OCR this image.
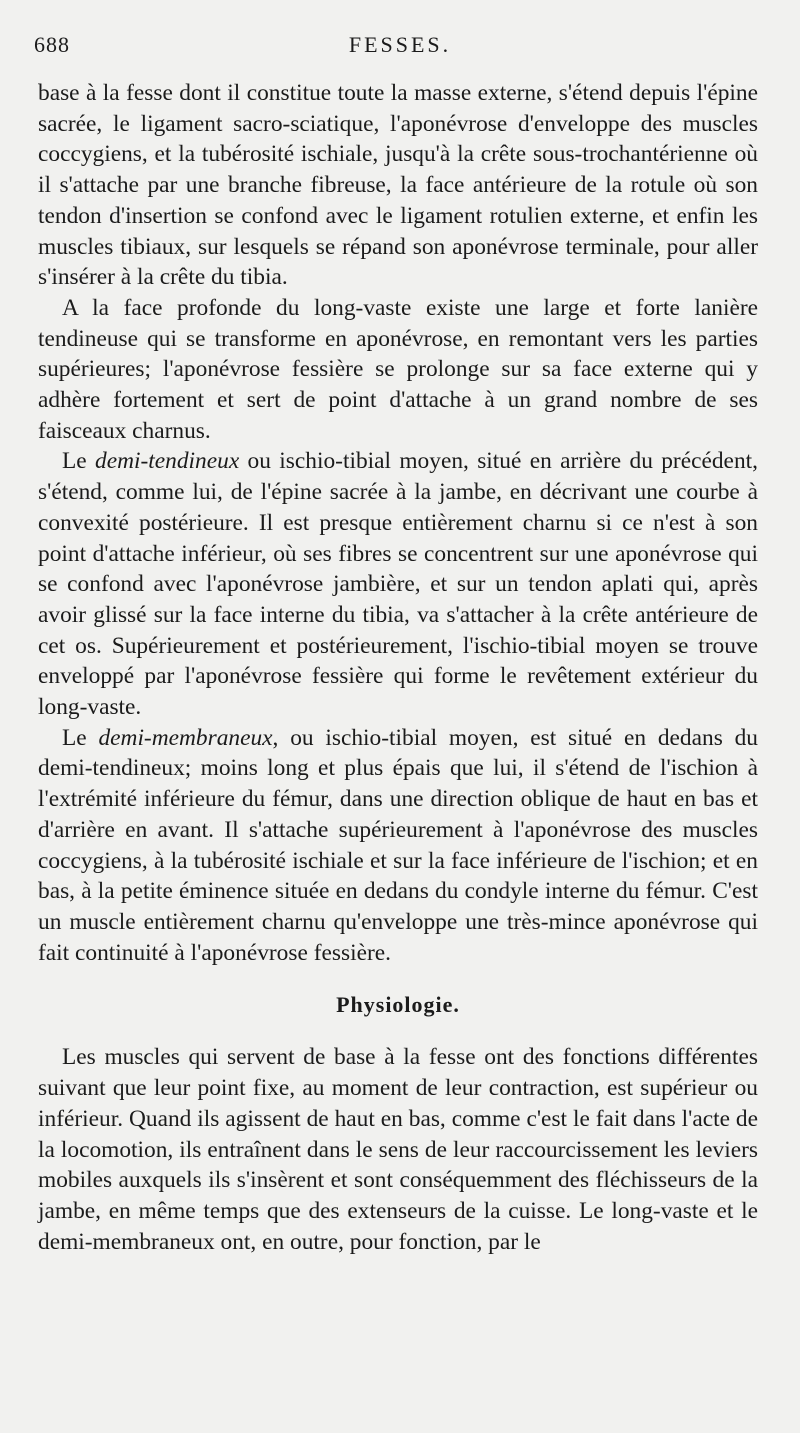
688	FESSES.

base à la fesse dont il constitue toute la masse externe, s'étend depuis l'épine sacrée, le ligament sacro-sciatique, l'aponévrose d'enveloppe des muscles coccygiens, et la tubérosité ischiale, jusqu'à la crête sous-trochantérienne où il s'attache par une branche fibreuse, la face antérieure de la rotule où son tendon d'insertion se confond avec le ligament rotulien externe, et enfin les muscles tibiaux, sur lesquels se répand son aponévrose terminale, pour aller s'insérer à la crête du tibia.

A la face profonde du long-vaste existe une large et forte lanière tendineuse qui se transforme en aponévrose, en remontant vers les parties supérieures; l'aponévrose fessière se prolonge sur sa face externe qui y adhère fortement et sert de point d'attache à un grand nombre de ses faisceaux charnus.

Le demi-tendineux ou ischio-tibial moyen, situé en arrière du précédent, s'étend, comme lui, de l'épine sacrée à la jambe, en décrivant une courbe à convexité postérieure. Il est presque entièrement charnu si ce n'est à son point d'attache inférieur, où ses fibres se concentrent sur une aponévrose qui se confond avec l'aponévrose jambière, et sur un tendon aplati qui, après avoir glissé sur la face interne du tibia, va s'attacher à la crête antérieure de cet os. Supérieurement et postérieurement, l'ischio-tibial moyen se trouve enveloppé par l'aponévrose fessière qui forme le revêtement extérieur du long-vaste.

Le demi-membraneux, ou ischio-tibial moyen, est situé en dedans du demi-tendineux; moins long et plus épais que lui, il s'étend de l'ischion à l'extrémité inférieure du fémur, dans une direction oblique de haut en bas et d'arrière en avant. Il s'attache supérieurement à l'aponévrose des muscles coccygiens, à la tubérosité ischiale et sur la face inférieure de l'ischion; et en bas, à la petite éminence située en dedans du condyle interne du fémur. C'est un muscle entièrement charnu qu'enveloppe une très-mince aponévrose qui fait continuité à l'aponévrose fessière.

Physiologie.

Les muscles qui servent de base à la fesse ont des fonctions différentes suivant que leur point fixe, au moment de leur contraction, est supérieur ou inférieur. Quand ils agissent de haut en bas, comme c'est le fait dans l'acte de la locomotion, ils entraînent dans le sens de leur raccourcissement les leviers mobiles auxquels ils s'insèrent et sont conséquemment des fléchisseurs de la jambe, en même temps que des extenseurs de la cuisse. Le long-vaste et le demi-membraneux ont, en outre, pour fonction, par le
